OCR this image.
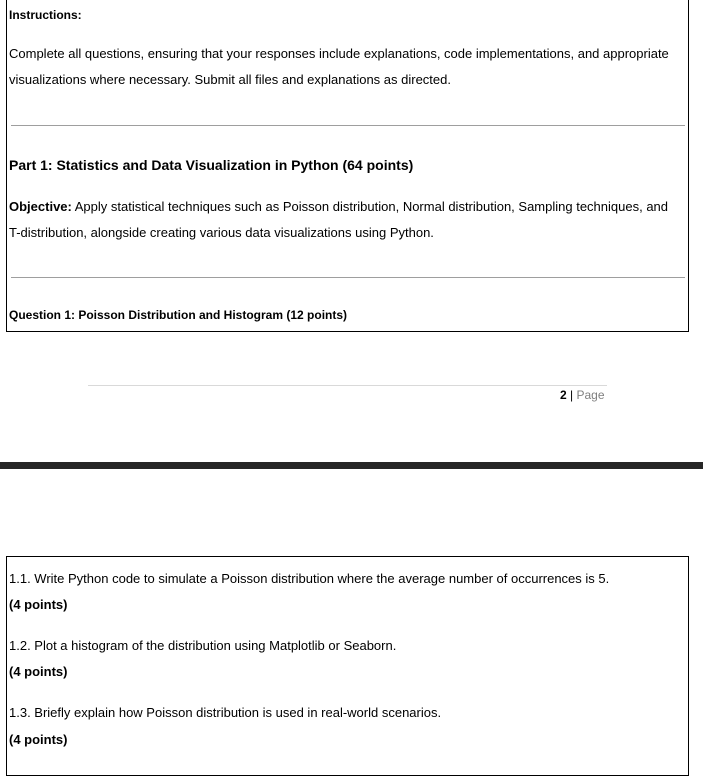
Instructions:
Complete all questions, ensuring that your responses include explanations, code implementations, and appropriate
visualizations where necessary. Submit all files and explanations as directed.
Part 1: Statistics and Data Visualization in Python (64 points)
Objective: Apply statistical techniques such as Poisson distribution, Normal distribution, Sampling techniques, and
T-distribution, alongside creating various data visualizations using Python.
Question 1: Poisson Distribution and Histogram (12 points)
2 | Page
1.1. Write Python code to simulate a Poisson distribution where the average number of occurrences is 5.
(4 points)
1.2. Plot a histogram of the distribution using Matplotlib or Seaborn.
(4 points)
1.3. Briefly explain how Poisson distribution is used in real-world scenarios.
(4 points)
